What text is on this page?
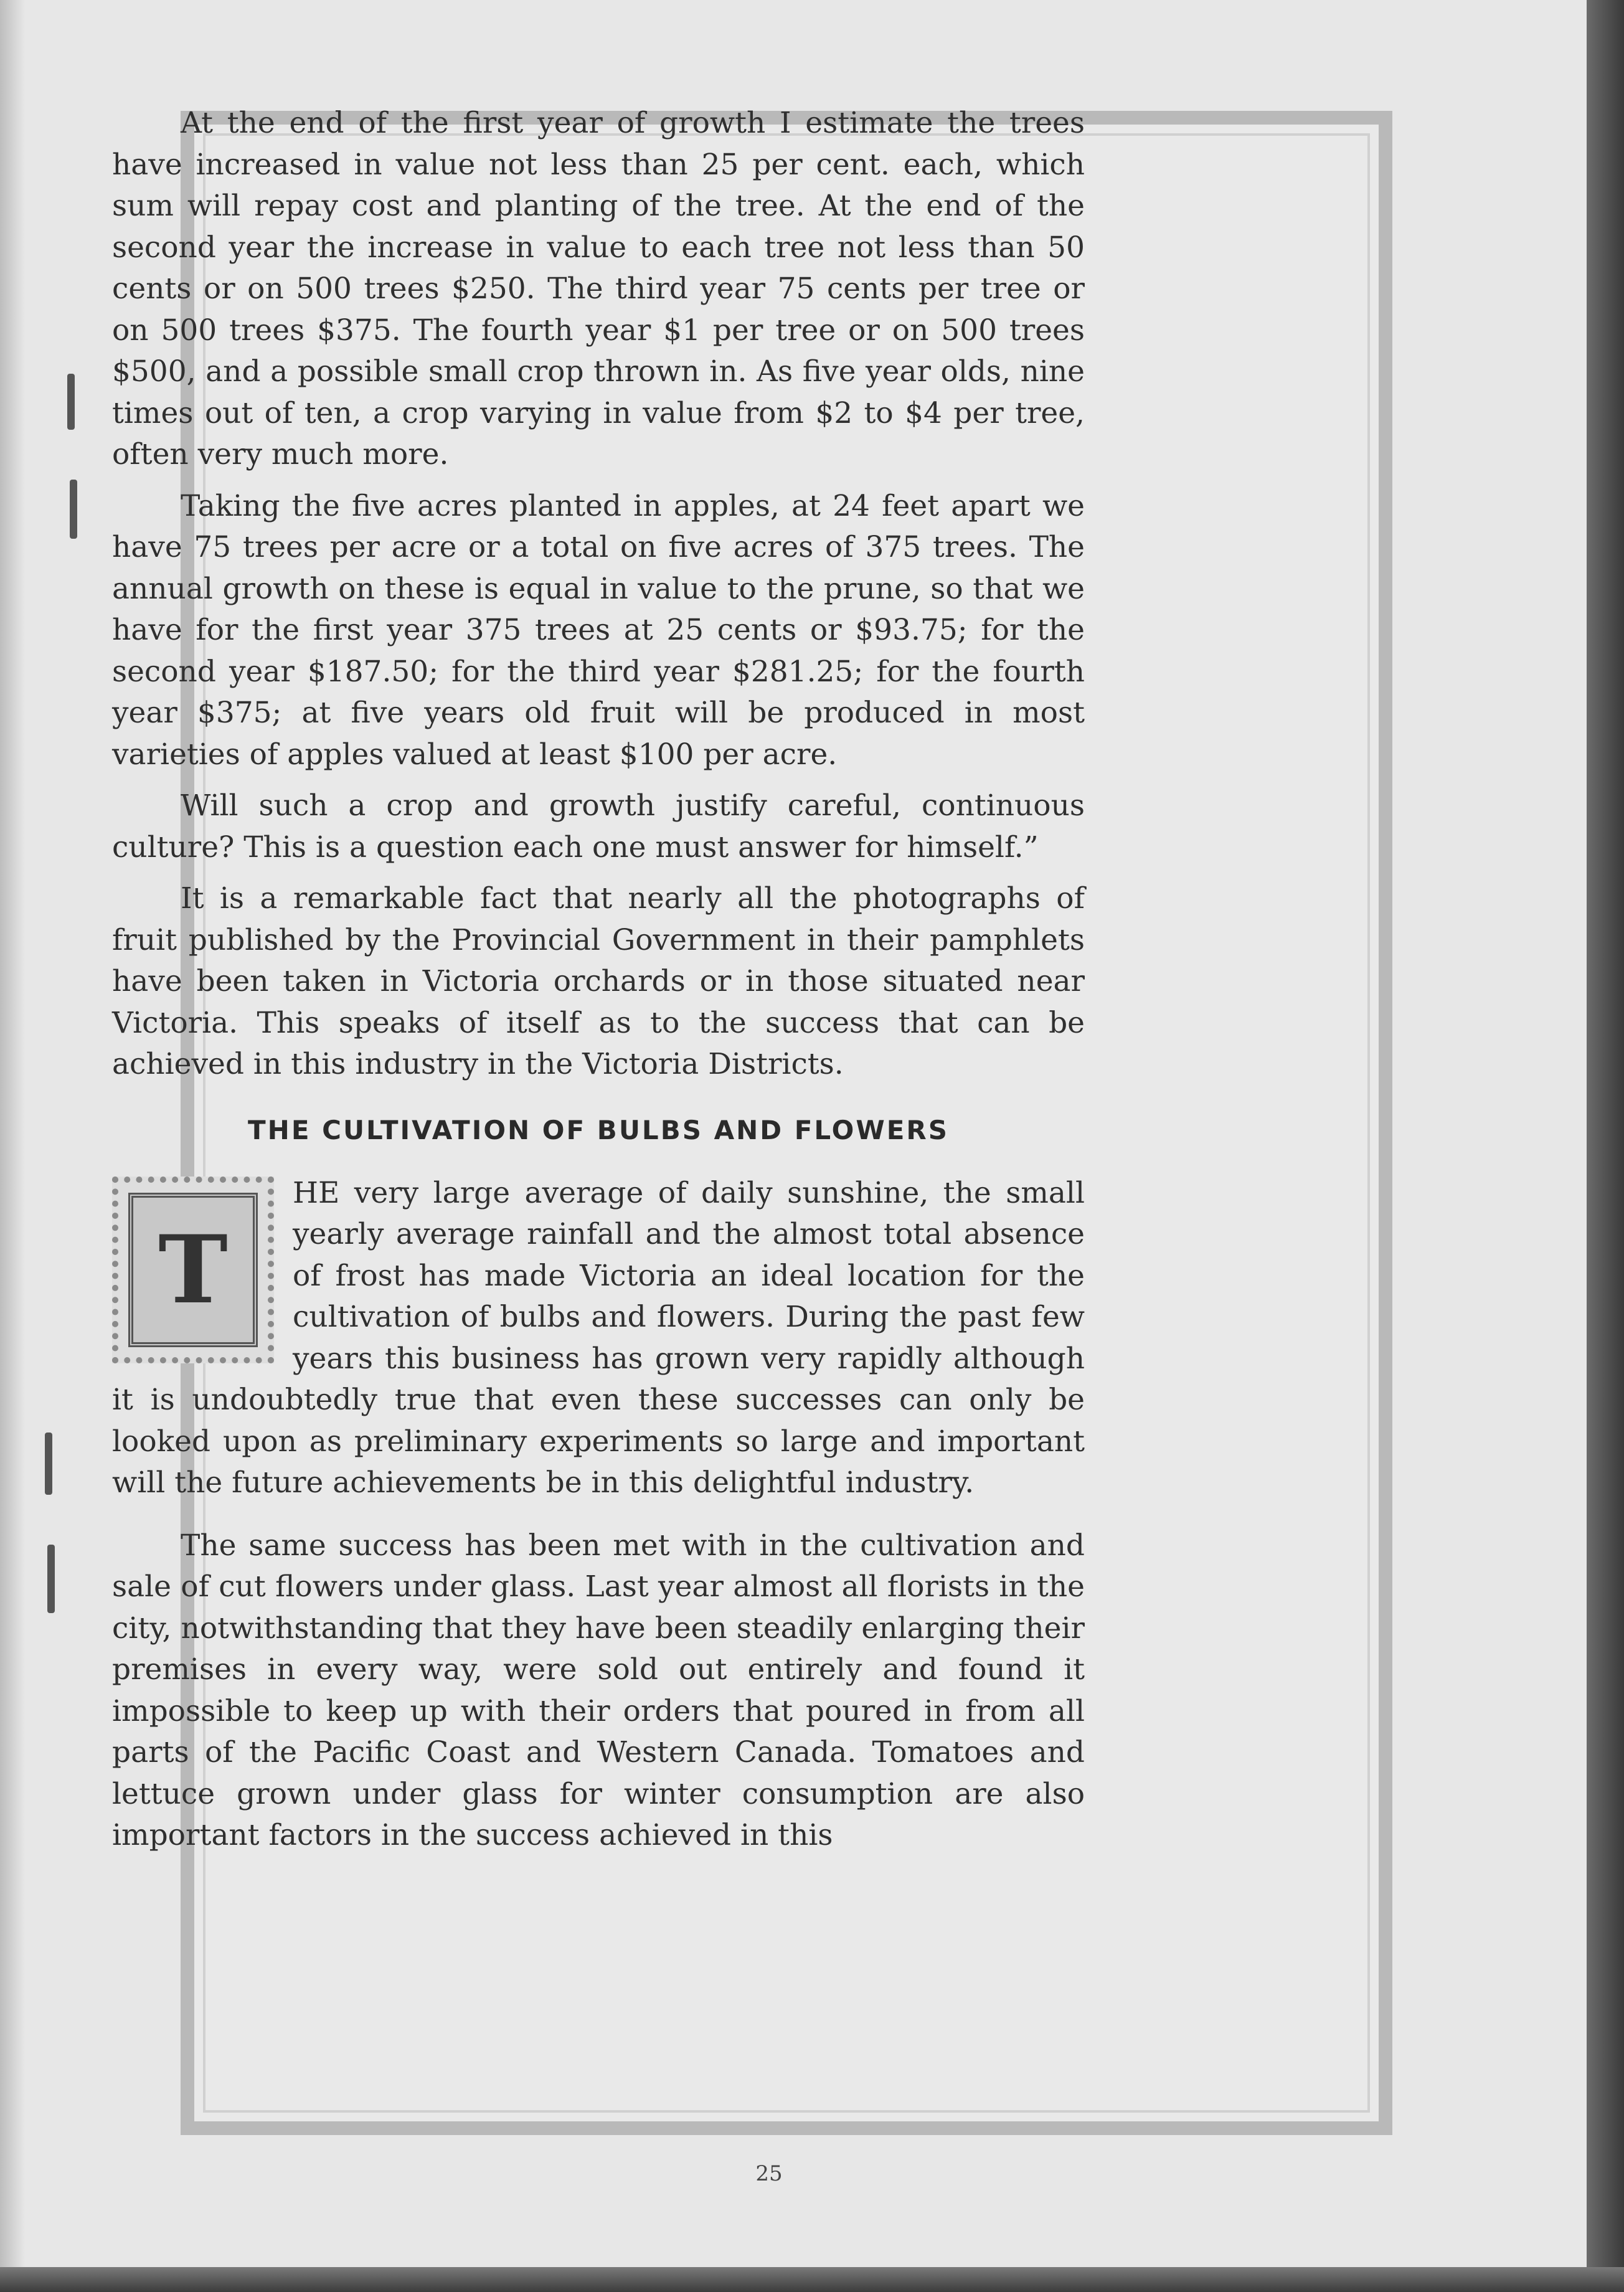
At the end of the first year of growth I estimate the trees have increased in value not less than 25 per cent. each, which sum will repay cost and planting of the tree. At the end of the second year the increase in value to each tree not less than 50 cents or on 500 trees $250. The third year 75 cents per tree or on 500 trees $375. The fourth year $1 per tree or on 500 trees $500, and a possible small crop thrown in. As five year olds, nine times out of ten, a crop varying in value from $2 to $4 per tree, often very much more.

Taking the five acres planted in apples, at 24 feet apart we have 75 trees per acre or a total on five acres of 375 trees. The annual growth on these is equal in value to the prune, so that we have for the first year 375 trees at 25 cents or $93.75; for the second year $187.50; for the third year $281.25; for the fourth year $375; at five years old fruit will be produced in most varieties of apples valued at least $100 per acre.

Will such a crop and growth justify careful, continuous culture? This is a question each one must answer for himself.”

It is a remarkable fact that nearly all the photographs of fruit published by the Provincial Government in their pamphlets have been taken in Victoria orchards or in those situated near Victoria. This speaks of itself as to the success that can be achieved in this industry in the Victoria Districts.

THE CULTIVATION OF BULBS AND FLOWERS
T

HE very large average of daily sunshine, the small yearly average rainfall and the almost total absence of frost has made Victoria an ideal location for the cultivation of bulbs and flowers. During the past few years this business has grown very rapidly although it is undoubtedly true that even these successes can only be looked upon as preliminary experiments so large and important will the future achievements be in this delightful industry.

The same success has been met with in the cultivation and sale of cut flowers under glass. Last year almost all florists in the city, notwithstanding that they have been steadily enlarging their premises in every way, were sold out entirely and found it impossible to keep up with their orders that poured in from all parts of the Pacific Coast and Western Canada. Tomatoes and lettuce grown under glass for winter consumption are also important factors in the success achieved in this

25
